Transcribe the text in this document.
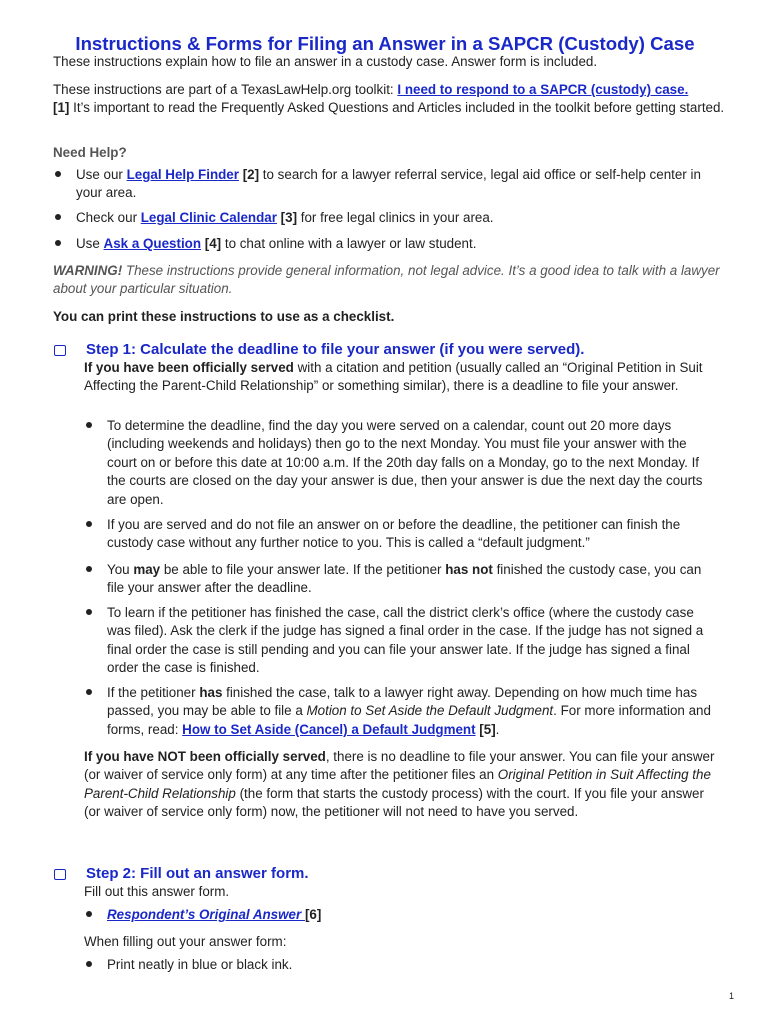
Instructions & Forms for Filing an Answer in a SAPCR (Custody) Case
These instructions explain how to file an answer in a custody case. Answer form is included.
These instructions are part of a TexasLawHelp.org toolkit: I need to respond to a SAPCR (custody) case.
[1] It’s important to read the Frequently Asked Questions and Articles included in the toolkit before getting started.
Need Help?
Use our Legal Help Finder [2] to search for a lawyer referral service, legal aid office or self-help center in your area.
Check our Legal Clinic Calendar [3] for free legal clinics in your area.
Use Ask a Question [4] to chat online with a lawyer or law student.
WARNING! These instructions provide general information, not legal advice. It’s a good idea to talk with a lawyer about your particular situation.
You can print these instructions to use as a checklist.
Step 1: Calculate the deadline to file your answer (if you were served).
If you have been officially served with a citation and petition (usually called an “Original Petition in Suit Affecting the Parent-Child Relationship” or something similar), there is a deadline to file your answer.
To determine the deadline, find the day you were served on a calendar, count out 20 more days (including weekends and holidays) then go to the next Monday. You must file your answer with the court on or before this date at 10:00 a.m. If the 20th day falls on a Monday, go to the next Monday. If the courts are closed on the day your answer is due, then your answer is due the next day the courts are open.
If you are served and do not file an answer on or before the deadline, the petitioner can finish the custody case without any further notice to you. This is called a “default judgment.”
You may be able to file your answer late. If the petitioner has not finished the custody case, you can file your answer after the deadline.
To learn if the petitioner has finished the case, call the district clerk’s office (where the custody case was filed). Ask the clerk if the judge has signed a final order in the case. If the judge has not signed a final order the case is still pending and you can file your answer late. If the judge has signed a final order the case is finished.
If the petitioner has finished the case, talk to a lawyer right away. Depending on how much time has passed, you may be able to file a Motion to Set Aside the Default Judgment. For more information and forms, read: How to Set Aside (Cancel) a Default Judgment [5].
If you have NOT been officially served, there is no deadline to file your answer. You can file your answer (or waiver of service only form) at any time after the petitioner files an Original Petition in Suit Affecting the Parent-Child Relationship (the form that starts the custody process) with the court. If you file your answer (or waiver of service only form) now, the petitioner will not need to have you served.
Step 2: Fill out an answer form.
Fill out this answer form.
Respondent’s Original Answer [6]
When filling out your answer form:
Print neatly in blue or black ink.
1
